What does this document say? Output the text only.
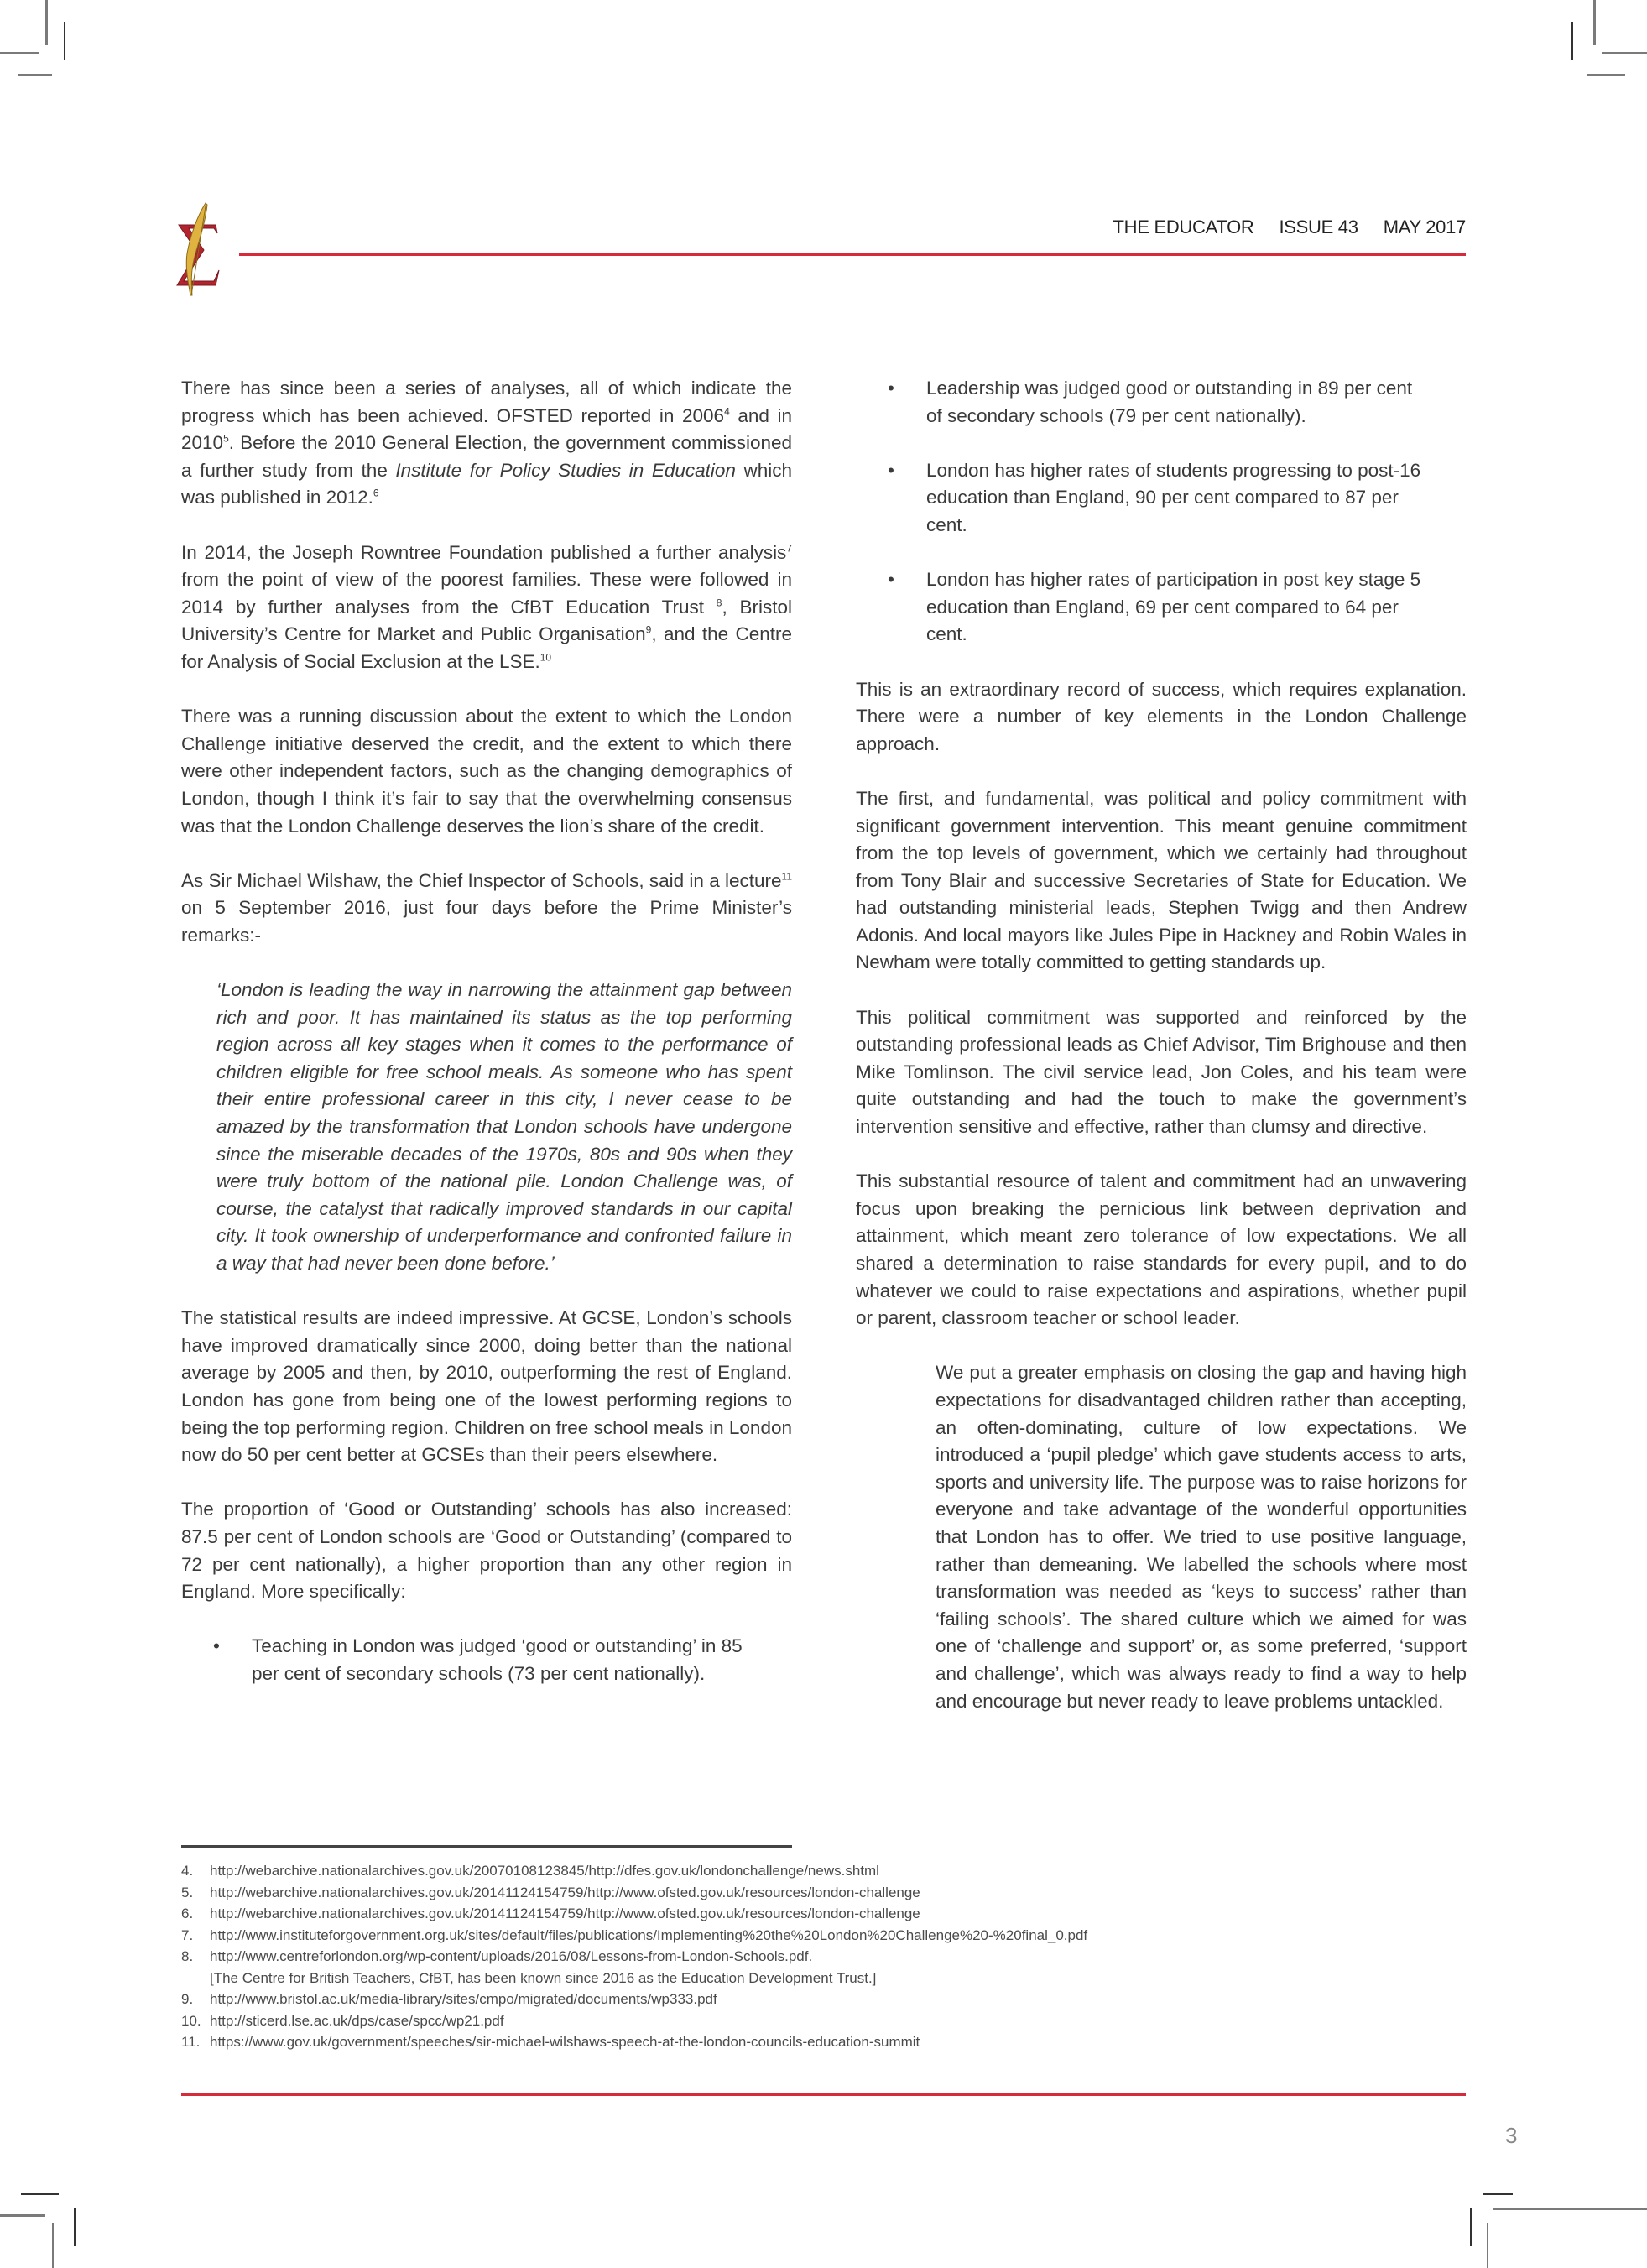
THE EDUCATOR ISSUE 43 MAY 2017

There has since been a series of analyses, all of which indicate the progress which has been achieved. OFSTED reported in 2006$^4$ and in 2010$^5$. Before the 2010 General Election, the government commissioned a further study from the Institute for Policy Studies in Education which was published in 2012.$^6$

In 2014, the Joseph Rowntree Foundation published a further analysis$^7$ from the point of view of the poorest families. These were followed in 2014 by further analyses from the CfBT Education Trust $^8$, Bristol University’s Centre for Market and Public Organisation$^9$, and the Centre for Analysis of Social Exclusion at the LSE.$^{10}$

There was a running discussion about the extent to which the London Challenge initiative deserved the credit, and the extent to which there were other independent factors, such as the changing demographics of London, though I think it’s fair to say that the overwhelming consensus was that the London Challenge deserves the lion’s share of the credit.

As Sir Michael Wilshaw, the Chief Inspector of Schools, said in a lecture$^{11}$ on 5 September 2016, just four days before the Prime Minister’s remarks:-

‘London is leading the way in narrowing the attainment gap between rich and poor. It has maintained its status as the top performing region across all key stages when it comes to the performance of children eligible for free school meals. As someone who has spent their entire professional career in this city, I never cease to be amazed by the transformation that London schools have undergone since the miserable decades of the 1970s, 80s and 90s when they were truly bottom of the national pile. London Challenge was, of course, the catalyst that radically improved standards in our capital city. It took ownership of underperformance and confronted failure in a way that had never been done before.’

The statistical results are indeed impressive. At GCSE, London’s schools have improved dramatically since 2000, doing better than the national average by 2005 and then, by 2010, outperforming the rest of England. London has gone from being one of the lowest performing regions to being the top performing region. Children on free school meals in London now do 50 per cent better at GCSEs than their peers elsewhere.

The proportion of ‘Good or Outstanding’ schools has also increased: 87.5 per cent of London schools are ‘Good or Outstanding’ (compared to 72 per cent nationally), a higher proportion than any other region in England. More specifically:

• Teaching in London was judged ‘good or outstanding’ in 85 per cent of secondary schools (73 per cent nationally).
• Leadership was judged good or outstanding in 89 per cent of secondary schools (79 per cent nationally).
• London has higher rates of students progressing to post-16 education than England, 90 per cent compared to 87 per cent.
• London has higher rates of participation in post key stage 5 education than England, 69 per cent compared to 64 per cent.

This is an extraordinary record of success, which requires explanation. There were a number of key elements in the London Challenge approach.

The first, and fundamental, was political and policy commitment with significant government intervention. This meant genuine commitment from the top levels of government, which we certainly had throughout from Tony Blair and successive Secretaries of State for Education. We had outstanding ministerial leads, Stephen Twigg and then Andrew Adonis. And local mayors like Jules Pipe in Hackney and Robin Wales in Newham were totally committed to getting standards up.

This political commitment was supported and reinforced by the outstanding professional leads as Chief Advisor, Tim Brighouse and then Mike Tomlinson. The civil service lead, Jon Coles, and his team were quite outstanding and had the touch to make the government’s intervention sensitive and effective, rather than clumsy and directive.

This substantial resource of talent and commitment had an unwavering focus upon breaking the pernicious link between deprivation and attainment, which meant zero tolerance of low expectations. We all shared a determination to raise standards for every pupil, and to do whatever we could to raise expectations and aspirations, whether pupil or parent, classroom teacher or school leader.

We put a greater emphasis on closing the gap and having high expectations for disadvantaged children rather than accepting, an often-dominating, culture of low expectations. We introduced a ‘pupil pledge’ which gave students access to arts, sports and university life. The purpose was to raise horizons for everyone and take advantage of the wonderful opportunities that London has to offer. We tried to use positive language, rather than demeaning. We labelled the schools where most transformation was needed as ‘keys to success’ rather than ‘failing schools’. The shared culture which we aimed for was one of ‘challenge and support’ or, as some preferred, ‘support and challenge’, which was always ready to find a way to help and encourage but never ready to leave problems untackled.

4.	http://webarchive.nationalarchives.gov.uk/20070108123845/http://dfes.gov.uk/londonchallenge/news.shtml
5.	http://webarchive.nationalarchives.gov.uk/20141124154759/http://www.ofsted.gov.uk/resources/london-challenge
6.	http://webarchive.nationalarchives.gov.uk/20141124154759/http://www.ofsted.gov.uk/resources/london-challenge
7.	http://www.instituteforgovernment.org.uk/sites/default/files/publications/Implementing%20the%20London%20Challenge%20-%20final_0.pdf
8.	http://www.centreforlondon.org/wp-content/uploads/2016/08/Lessons-from-London-Schools.pdf.
[The Centre for British Teachers, CfBT, has been known since 2016 as the Education Development Trust.]
9.	http://www.bristol.ac.uk/media-library/sites/cmpo/migrated/documents/wp333.pdf
10. http://sticerd.lse.ac.uk/dps/case/spcc/wp21.pdf
11. https://www.gov.uk/government/speeches/sir-michael-wilshaws-speech-at-the-london-councils-education-summit
3
